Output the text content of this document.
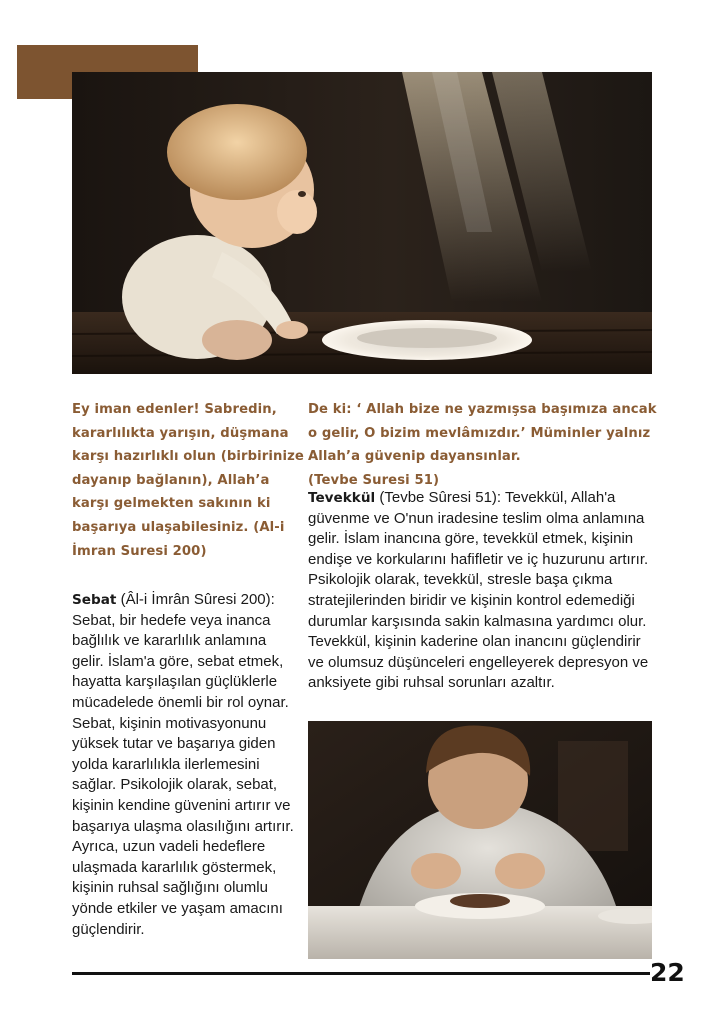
Ey iman edenler! Sabredin, kararlılıkta yarışın, düşmana karşı hazırlıklı olun (birbirinize dayanıp bağlanın), Allah’a karşı gelmekten sakının ki başarıya ulaşabilesiniz. (Al-i İmran Suresi 200)
De ki: ‘ Allah bize ne yazmışsa başımıza ancak o gelir, O bizim mevlâmızdır.’ Müminler yalnız Allah’a güvenip dayansınlar.
(Tevbe Suresi 51)
Tevekkül (Tevbe Sûresi 51): Tevekkül, Allah'a güvenme ve O'nun iradesine teslim olma anlamına gelir. İslam inancına göre, tevekkül etmek, kişinin endişe ve korkularını hafifletir ve iç huzurunu artırır. Psikolojik olarak, tevekkül, stresle başa çıkma stratejilerinden biridir ve kişinin kontrol edemediği durumlar karşısında sakin kalmasına yardımcı olur. Tevekkül, kişinin kaderine olan inancını güçlendirir ve olumsuz düşünceleri engelleyerek depresyon ve anksiyete gibi ruhsal sorunları azaltır.
Sebat (Âl-i İmrân Sûresi 200): Sebat, bir hedefe veya inanca bağlılık ve kararlılık anlamına gelir. İslam'a göre, sebat etmek, hayatta karşılaşılan güçlüklerle mücadelede önemli bir rol oynar. Sebat, kişinin motivasyonunu yüksek tutar ve başarıya giden yolda kararlılıkla ilerlemesini sağlar. Psikolojik olarak, sebat, kişinin kendine güvenini artırır ve başarıya ulaşma olasılığını artırır. Ayrıca, uzun vadeli hedeflere ulaşmada kararlılık göstermek, kişinin ruhsal sağlığını olumlu yönde etkiler ve yaşam amacını güçlendirir.
22
